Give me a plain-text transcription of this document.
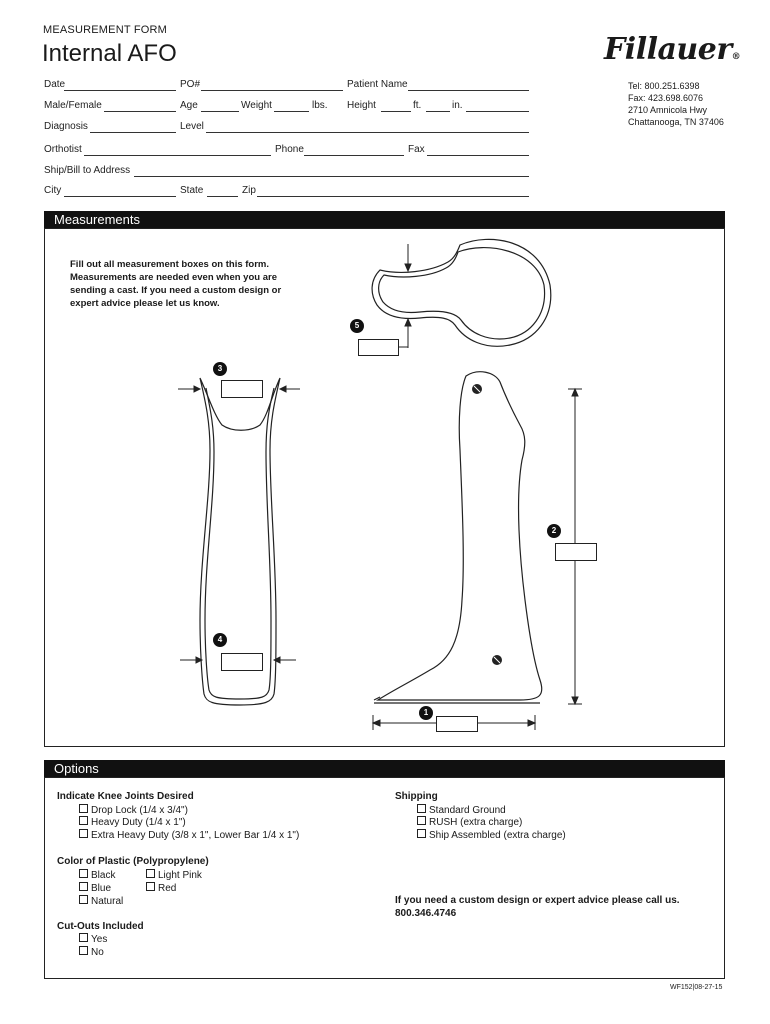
MEASUREMENT FORM
Internal AFO	Fillauer®
Tel: 800.251.6398
Fax: 423.698.6076
2710 Amnicola Hwy
Chattanooga, TN 37406
Date	PO#	Patient Name
Male/Female	Age	Weight	lbs. Height	ft.	in.
Diagnosis	Level
Orthotist	Phone	Fax
Ship/Bill to Address
City	State	Zip
Measurements
Fill out all measurement boxes on this form.
Measurements are needed even when you are
sending a cast. If you need a custom design or
expert advice please let us know.
5
3
4
2
1
Options
Indicate Knee Joints Desired
Drop Lock (1/4 x 3/4")
Heavy Duty (1/4 x 1")
Extra Heavy Duty (3/8 x 1", Lower Bar 1/4 x 1")
Color of Plastic (Polypropylene)
Black	Light Pink
Blue	Red
Natural
Cut-Outs Included
Yes
No
Shipping
Standard Ground
RUSH (extra charge)
Ship Assembled (extra charge)
If you need a custom design or expert advice please call us.
800.346.4746
WF152|08-27-15
